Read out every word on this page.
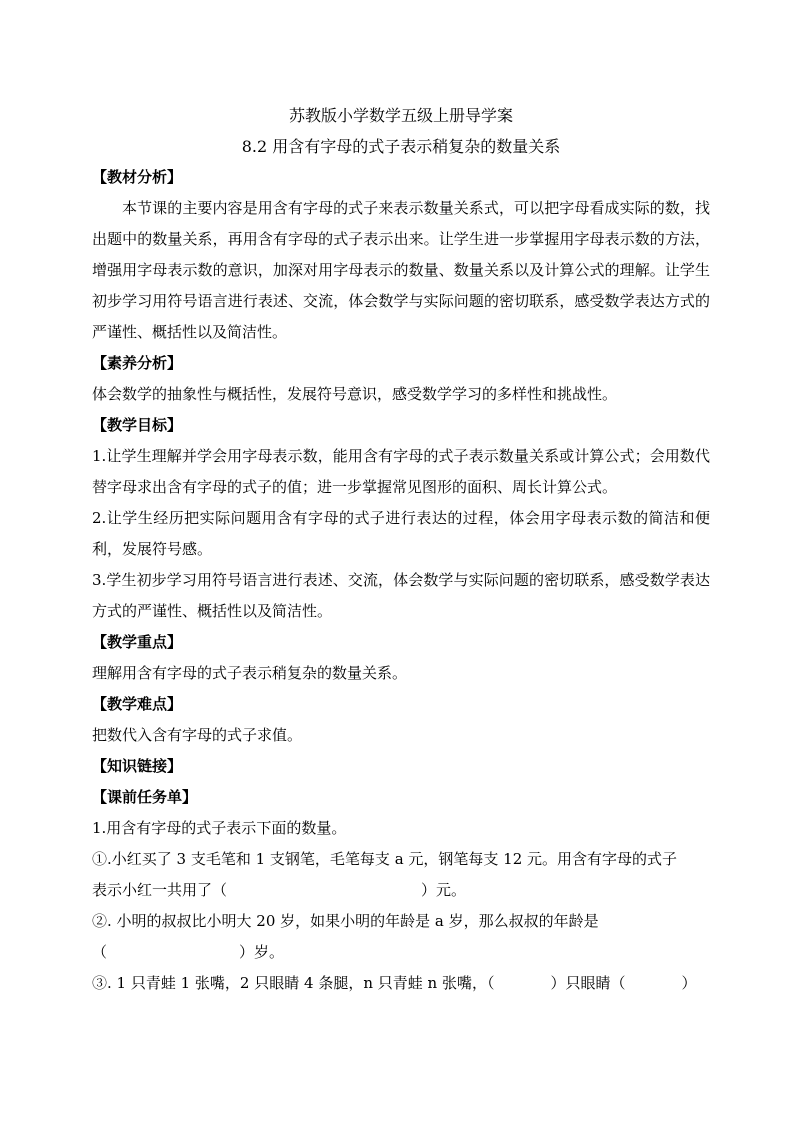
苏教版小学数学五级上册导学案

8.2 用含有字母的式子表示稍复杂的数量关系

【教材分析】

本节课的主要内容是用含有字母的式子来表示数量关系式，可以把字母看成实际的数，找出题中的数量关系，再用含有字母的式子表示出来。让学生进一步掌握用字母表示数的方法，增强用字母表示数的意识，加深对用字母表示的数量、数量关系以及计算公式的理解。让学生初步学习用符号语言进行表述、交流，体会数学与实际问题的密切联系，感受数学表达方式的严谨性、概括性以及简洁性。

【素养分析】

体会数学的抽象性与概括性，发展符号意识，感受数学学习的多样性和挑战性。

【教学目标】

1.让学生理解并学会用字母表示数，能用含有字母的式子表示数量关系或计算公式；会用数代替字母求出含有字母的式子的值；进一步掌握常见图形的面积、周长计算公式。

2.让学生经历把实际问题用含有字母的式子进行表达的过程，体会用字母表示数的简洁和便利，发展符号感。

3.学生初步学习用符号语言进行表述、交流，体会数学与实际问题的密切联系，感受数学表达方式的严谨性、概括性以及简洁性。

【教学重点】

理解用含有字母的式子表示稍复杂的数量关系。

【教学难点】

把数代入含有字母的式子求值。

【知识链接】

【课前任务单】

1.用含有字母的式子表示下面的数量。

①.小红买了 3 支毛笔和 1 支钢笔，毛笔每支 a 元，钢笔每支 12 元。用含有字母的式子

表示小红一共用了（	）元。

②. 小明的叔叔比小明大 20 岁，如果小明的年龄是 a 岁，那么叔叔的年龄是

（	）岁。

③. 1 只青蛙 1 张嘴，2 只眼睛 4 条腿，n 只青蛙 n 张嘴，（	）只眼睛（	）
